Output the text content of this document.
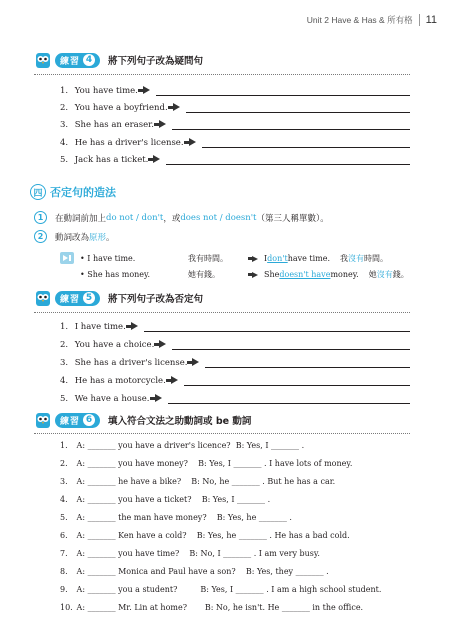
Unit 2 Have & Has & 所有格 11
練習 4	將下列句子改為疑問句
1.
You have time.
2.
You have a boyfriend.
3.
She has an eraser.
4.
He has a driver's license.
5.
Jack has a ticket.
四 否定句的造法
1	在動詞前加上 do not / don't ，或 does not / doesn't （第三人稱單數）。
2	動詞改為 原形 。
• I have time.	我有時間。	I don't have time. 我沒有時間。
• She has money.	她有錢。	She doesn't have money. 她沒有錢。
練習 5	將下列句子改為否定句
1.
I have time.
2.
You have a choice.
3.
She has a driver's license.
4.
He has a motorcycle.
5.
We have a house.
練習 6	填入符合文法之助動詞或 be 動詞
1. A: _______ you have a driver's licence? B: Yes, I _______ .
2. A: _______ you have money? B: Yes, I _______ . I have lots of money.
3. A: _______ he have a bike? B: No, he _______ . But he has a car.
4. A: _______ you have a ticket? B: Yes, I _______ .
5. A: _______ the man have money? B: Yes, he _______ .
6. A: _______ Ken have a cold? B: Yes, he _______ . He has a bad cold.
7. A: _______ you have time? B: No, I _______ . I am very busy.
8. A: _______ Monica and Paul have a son? B: Yes, they _______ .
9. A: _______ you a student?	B: Yes, I _______ . I am a high school student.
10. A: _______ Mr. Lin at home? B: No, he isn't. He _______ in the office.
